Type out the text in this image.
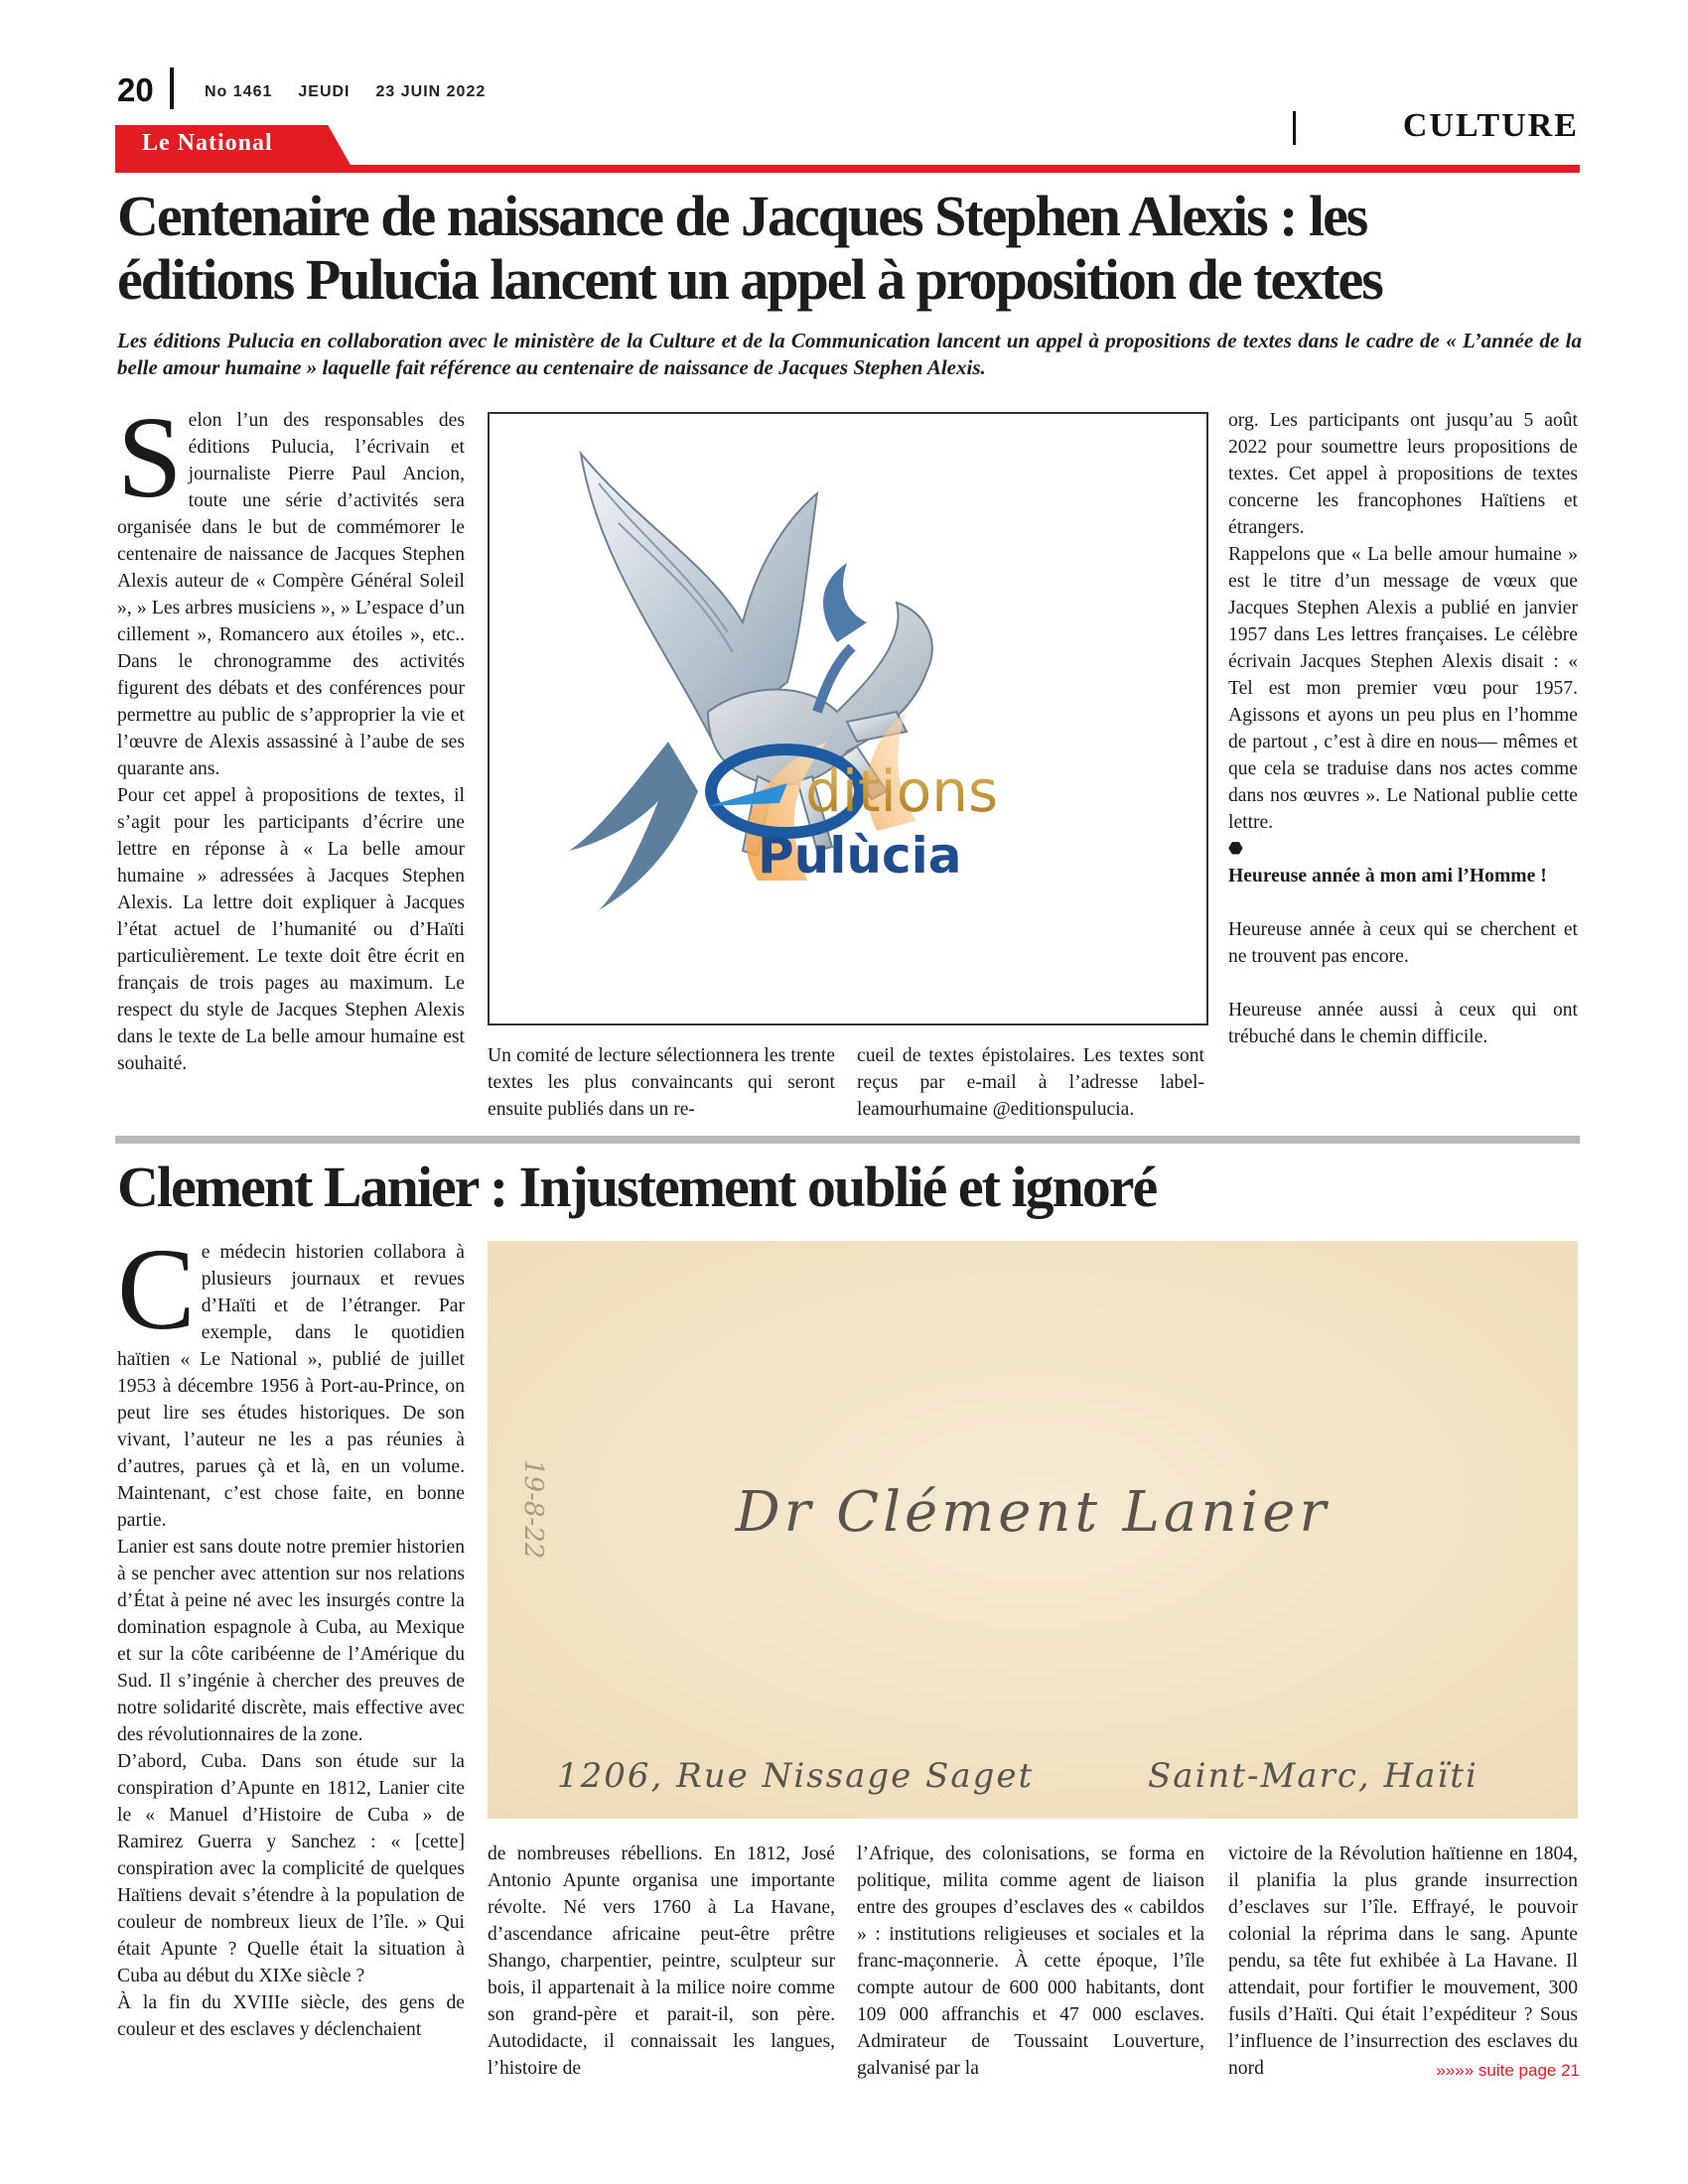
20	No 1461 JEUDI 23 JUIN 2022
CULTURE
Le National
Centenaire de naissance de Jacques Stephen Alexis : les
éditions Pulucia lancent un appel à proposition de textes
Les éditions Pulucia en collaboration avec le ministère de la Culture et de la Communication lancent un appel à propositions de textes dans le cadre de « L’année de la belle amour humaine » laquelle fait référence au centenaire de naissance de Jacques Stephen Alexis.
S elon l’un des responsables des éditions Pulucia, l’écrivain et journaliste Pierre Paul Ancion, toute une série d’activités sera organisée dans le but de commémorer le centenaire de naissance de Jacques Stephen Alexis auteur de « Compère Général Soleil », » Les arbres musiciens », » L’espace d’un cillement », Romancero aux étoiles », etc.. Dans le chronogramme des activités figurent des débats et des conférences pour permettre au public de s’approprier la vie et l’œuvre de Alexis assassiné à l’aube de ses quarante ans.

Pour cet appel à propositions de textes, il s’agit pour les participants d’écrire une lettre en réponse à « La belle amour humaine » adressées à Jacques Stephen Alexis. La lettre doit expliquer à Jacques l’état actuel de l’humanité ou d’Haïti particulièrement. Le texte doit être écrit en français de trois pages au maximum. Le respect du style de Jacques Stephen Alexis dans le texte de La belle amour humaine est souhaité.

ditions
Pulùcia

Un comité de lecture sélectionnera les trente textes les plus convaincants qui seront ensuite publiés dans un re-

cueil de textes épistolaires. Les textes sont reçus par e-mail à l’adresse label-leamourhumaine @editionspulucia.

org. Les participants ont jusqu’au 5 août 2022 pour soumettre leurs propositions de textes. Cet appel à propositions de textes concerne les francophones Haïtiens et étrangers.

Rappelons que « La belle amour humaine » est le titre d’un message de vœux que Jacques Stephen Alexis a publié en janvier 1957 dans Les lettres françaises. Le célèbre écrivain Jacques Stephen Alexis disait : « Tel est mon premier vœu pour 1957. Agissons et ayons un peu plus en l’homme de partout , c’est à dire en nous— mêmes et que cela se traduise dans nos actes comme dans nos œuvres ». Le National publie cette lettre.

⬣

Heureuse année à mon ami l’Homme !

Heureuse année à ceux qui se cherchent et ne trouvent pas encore.

Heureuse année aussi à ceux qui ont trébuché dans le chemin difficile.

Clement Lanier : Injustement oublié et ignoré
C e médecin historien collabora à plusieurs journaux et revues d’Haïti et de l’étranger. Par exemple, dans le quotidien haïtien « Le National », publié de juillet 1953 à décembre 1956 à Port-au-Prince, on peut lire ses études historiques. De son vivant, l’auteur ne les a pas réunies à d’autres, parues çà et là, en un volume. Maintenant, c’est chose faite, en bonne partie.

Lanier est sans doute notre premier historien à se pencher avec attention sur nos relations d’État à peine né avec les insurgés contre la domination espagnole à Cuba, au Mexique et sur la côte caribéenne de l’Amérique du Sud. Il s’ingénie à chercher des preuves de notre solidarité discrète, mais effective avec des révolutionnaires de la zone.

D’abord, Cuba. Dans son étude sur la conspiration d’Apunte en 1812, Lanier cite le « Manuel d’Histoire de Cuba » de Ramirez Guerra y Sanchez : « [cette] conspiration avec la complicité de quelques Haïtiens devait s’étendre à la population de couleur de nombreux lieux de l’île. » Qui était Apunte ? Quelle était la situation à Cuba au début du XIXe siècle ?

À la fin du XVIIIe siècle, des gens de couleur et des esclaves y déclenchaient

19-8-22	Dr Clément Lanier
1206, Rue Nissage Saget	Saint-Marc, Haïti

de nombreuses rébellions. En 1812, José Antonio Apunte organisa une importante révolte. Né vers 1760 à La Havane, d’ascendance africaine peut-être prêtre Shango, charpentier, peintre, sculpteur sur bois, il appartenait à la milice noire comme son grand-père et parait-il, son père. Autodidacte, il connaissait les langues, l’histoire de

l’Afrique, des colonisations, se forma en politique, milita comme agent de liaison entre des groupes d’esclaves des « cabildos » : institutions religieuses et sociales et la franc-maçonnerie. À cette époque, l’île compte autour de 600 000 habitants, dont 109 000 affranchis et 47 000 esclaves. Admirateur de Toussaint Louverture, galvanisé par la

victoire de la Révolution haïtienne en 1804, il planifia la plus grande insurrection d’esclaves sur l’île. Effrayé, le pouvoir colonial la réprima dans le sang. Apunte pendu, sa tête fut exhibée à La Havane. Il attendait, pour fortifier le mouvement, 300 fusils d’Haïti. Qui était l’expéditeur ? Sous l’influence de l’insurrection des esclaves du nord	»»»» suite page 21
